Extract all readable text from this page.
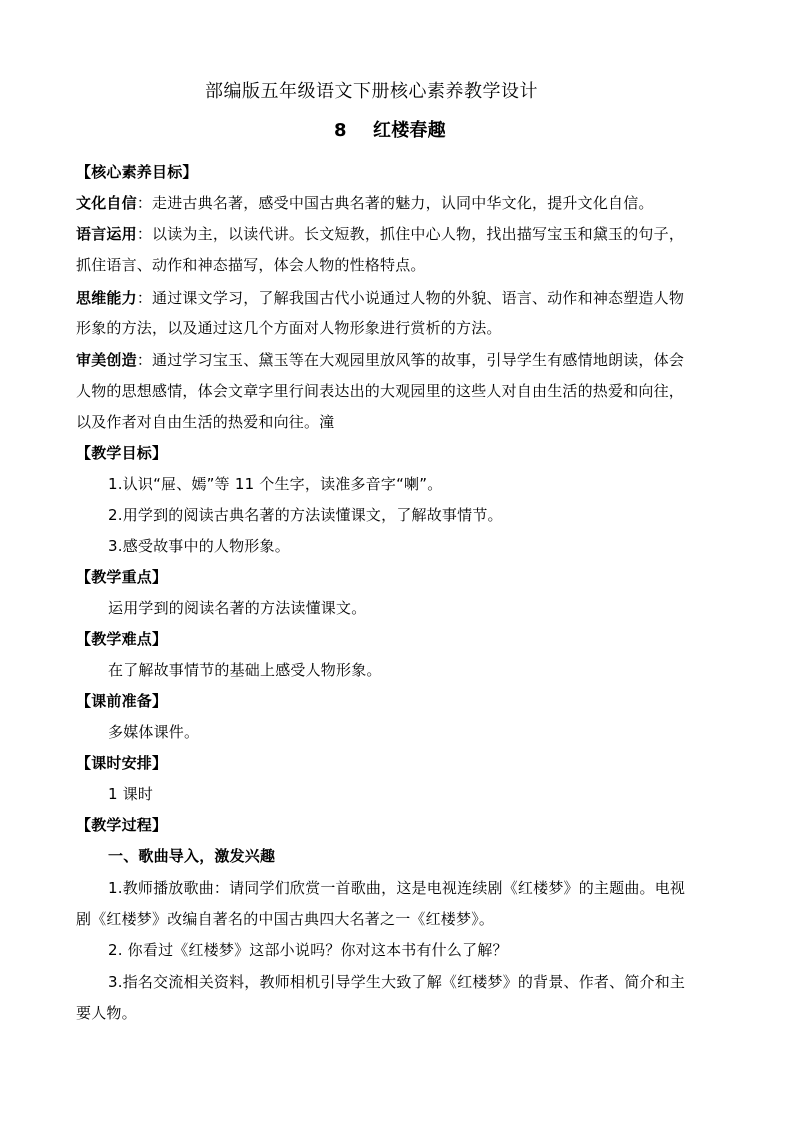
部编版五年级语文下册核心素养教学设计
8 红楼春趣
【核心素养目标】
文化自信：走进古典名著，感受中国古典名著的魅力，认同中华文化，提升文化自信。
语言运用：以读为主，以读代讲。长文短教，抓住中心人物，找出描写宝玉和黛玉的句子，
抓住语言、动作和神态描写，体会人物的性格特点。
思维能力：通过课文学习，了解我国古代小说通过人物的外貌、语言、动作和神态塑造人物
形象的方法，以及通过这几个方面对人物形象进行赏析的方法。
审美创造：通过学习宝玉、黛玉等在大观园里放风筝的故事，引导学生有感情地朗读，体会
人物的思想感情，体会文章字里行间表达出的大观园里的这些人对自由生活的热爱和向往，
以及作者对自由生活的热爱和向往。潼
【教学目标】
1.认识“屉、嫣”等 11 个生字，读准多音字“喇”。
2.用学到的阅读古典名著的方法读懂课文，了解故事情节。
3.感受故事中的人物形象。
【教学重点】
运用学到的阅读名著的方法读懂课文。
【教学难点】
在了解故事情节的基础上感受人物形象。
【课前准备】
多媒体课件。
【课时安排】
1 课时
【教学过程】
一、歌曲导入，激发兴趣
1.教师播放歌曲：请同学们欣赏一首歌曲，这是电视连续剧《红楼梦》的主题曲。电视
剧《红楼梦》改编自著名的中国古典四大名著之一《红楼梦》。
2. 你看过《红楼梦》这部小说吗？你对这本书有什么了解？
3.指名交流相关资料，教师相机引导学生大致了解《红楼梦》的背景、作者、简介和主
要人物。
